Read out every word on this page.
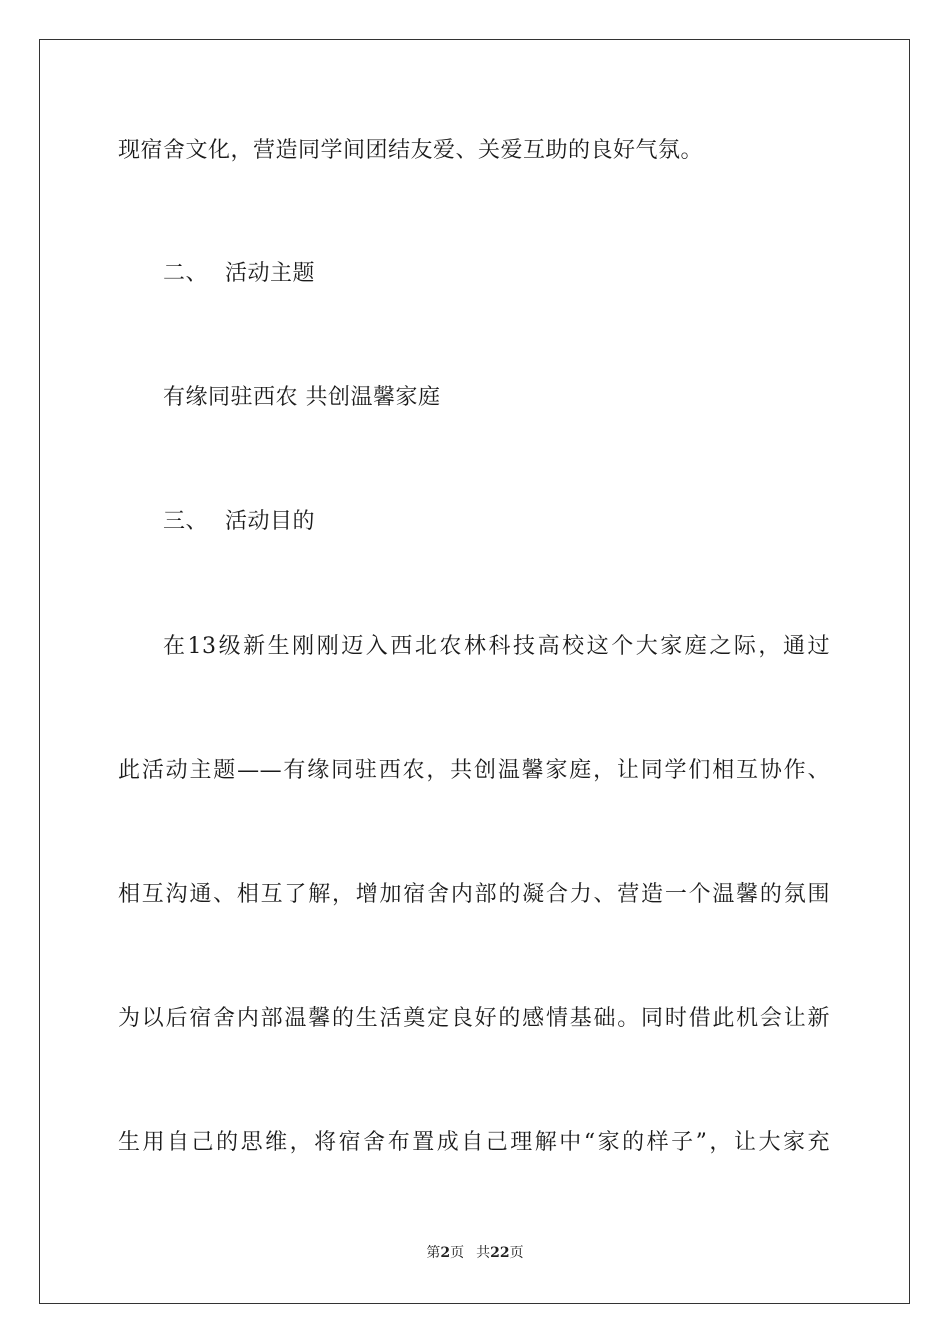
现宿舍文化，营造同学间团结友爱、关爱互助的良好气氛。
二、 活动主题
有缘同驻西农 共创温馨家庭
三、 活动目的
在13级新生刚刚迈入西北农林科技高校这个大家庭之际，通过
此活动主题——有缘同驻西农，共创温馨家庭，让同学们相互协作、
相互沟通、相互了解，增加宿舍内部的凝合力、营造一个温馨的氛围
为以后宿舍内部温馨的生活奠定良好的感情基础。同时借此机会让新
生用自己的思维，将宿舍布置成自己理解中“家的样子”，让大家充
第2页 共22页
